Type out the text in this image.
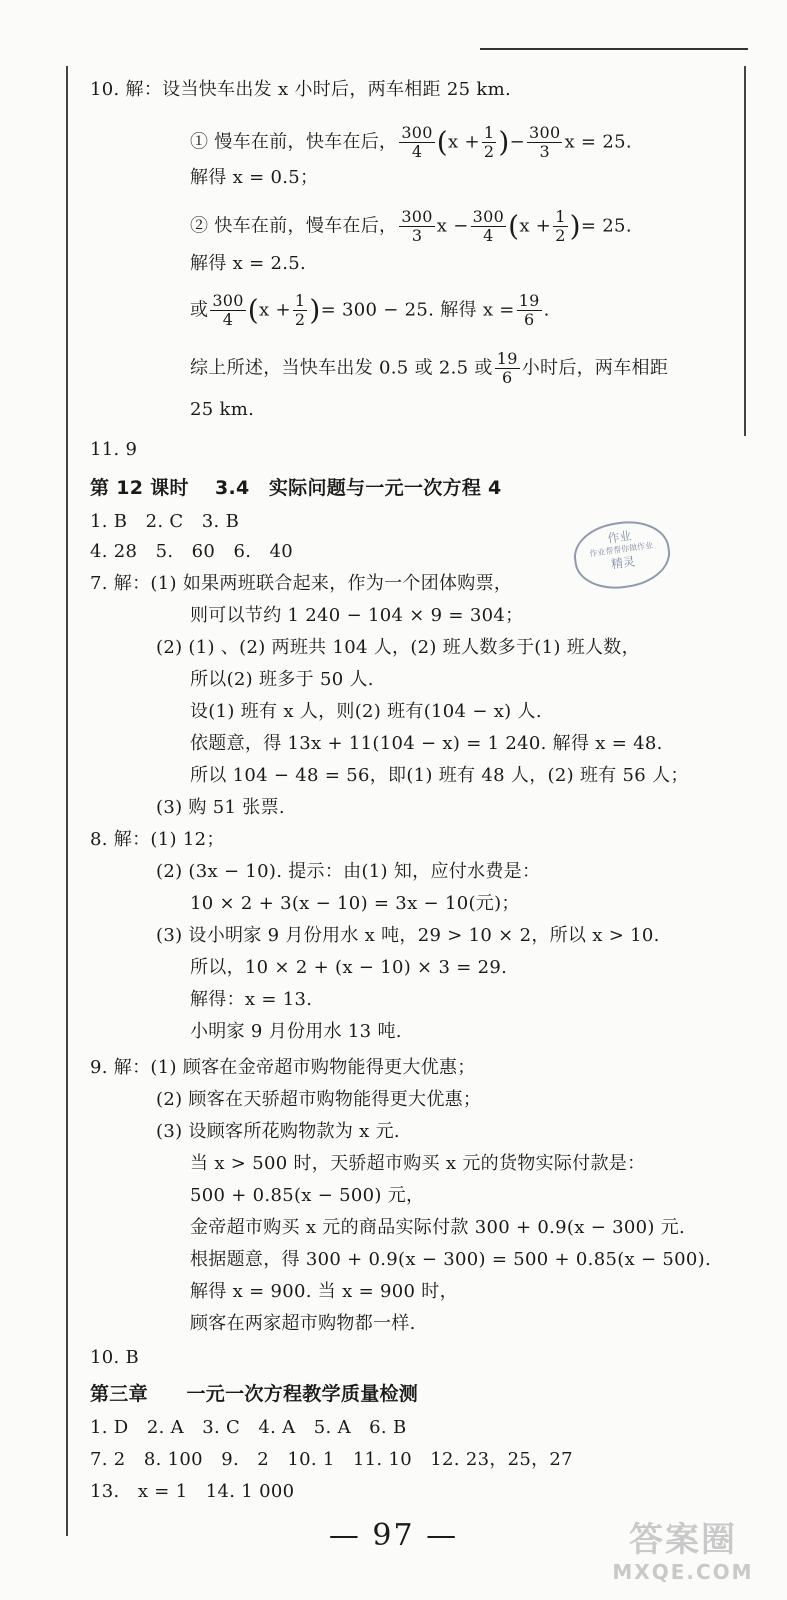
10. 解：设当快车出发 x 小时后，两车相距 25 km.
① 慢车在前，快车在后， $\frac{300}{4} (x + \frac{1}{2}$ )− $\frac{300}{3}$ x = 25.
解得 x = 0.5；
② 快车在前，慢车在后， $\frac{300}{3}$ $x - \frac{300}{4} (x + \frac{1}{2}$ )= 25.
解得 x = 2.5.
或 $\frac{300}{4} (x + \frac{1}{2}$ )= 300 − 25. 解得 $x = \frac{19}{6}$ .
综上所述，当快车出发 0.5 或 2.5 或 $\frac{19}{6}$ 小时后，两车相距
25 km.
11. 9
第 12 课时　 3.4　实际问题与一元一次方程 4
1. B　2. C　3. B
4. 28　5.　60　6.　40
作业
作业帮帮你做作业
精灵
7. 解：(1) 如果两班联合起来，作为一个团体购票，
则可以节约 1 240 − 104 × 9 = 304；
(2) (1) 、(2) 两班共 104 人，(2) 班人数多于(1) 班人数，
所以(2) 班多于 50 人.
设(1) 班有 x 人，则(2) 班有(104 − x) 人.
依题意，得 13x + 11(104 − x) = 1 240. 解得 x = 48.
所以 104 − 48 = 56，即(1) 班有 48 人，(2) 班有 56 人；
(3) 购 51 张票.
8. 解：(1) 12；
(2) (3x − 10). 提示：由(1) 知，应付水费是：
10 × 2 + 3(x − 10) = 3x − 10(元)；
(3) 设小明家 9 月份用水 x 吨，29 > 10 × 2，所以 x > 10.
所以，10 × 2 + (x − 10) × 3 = 29.
解得：x = 13.
小明家 9 月份用水 13 吨.
9. 解：(1) 顾客在金帝超市购物能得更大优惠；
(2) 顾客在天骄超市购物能得更大优惠；
(3) 设顾客所花购物款为 x 元.
当 x > 500 时，天骄超市购买 x 元的货物实际付款是：
500 + 0.85(x − 500) 元，
金帝超市购买 x 元的商品实际付款 300 + 0.9(x − 300) 元.
根据题意，得 300 + 0.9(x − 300) = 500 + 0.85(x − 500).
解得 x = 900. 当 x = 900 时，
顾客在两家超市购物都一样.
10. B
第三章　　一元一次方程教学质量检测
1. D　2. A　3. C　4. A　5. A　6. B
7. 2　8. 100　9.　2　10. 1　11. 10　12. 23，25，27
13.　x = 1　14. 1 000
— 97 —	答案圈
MXQE.COM
